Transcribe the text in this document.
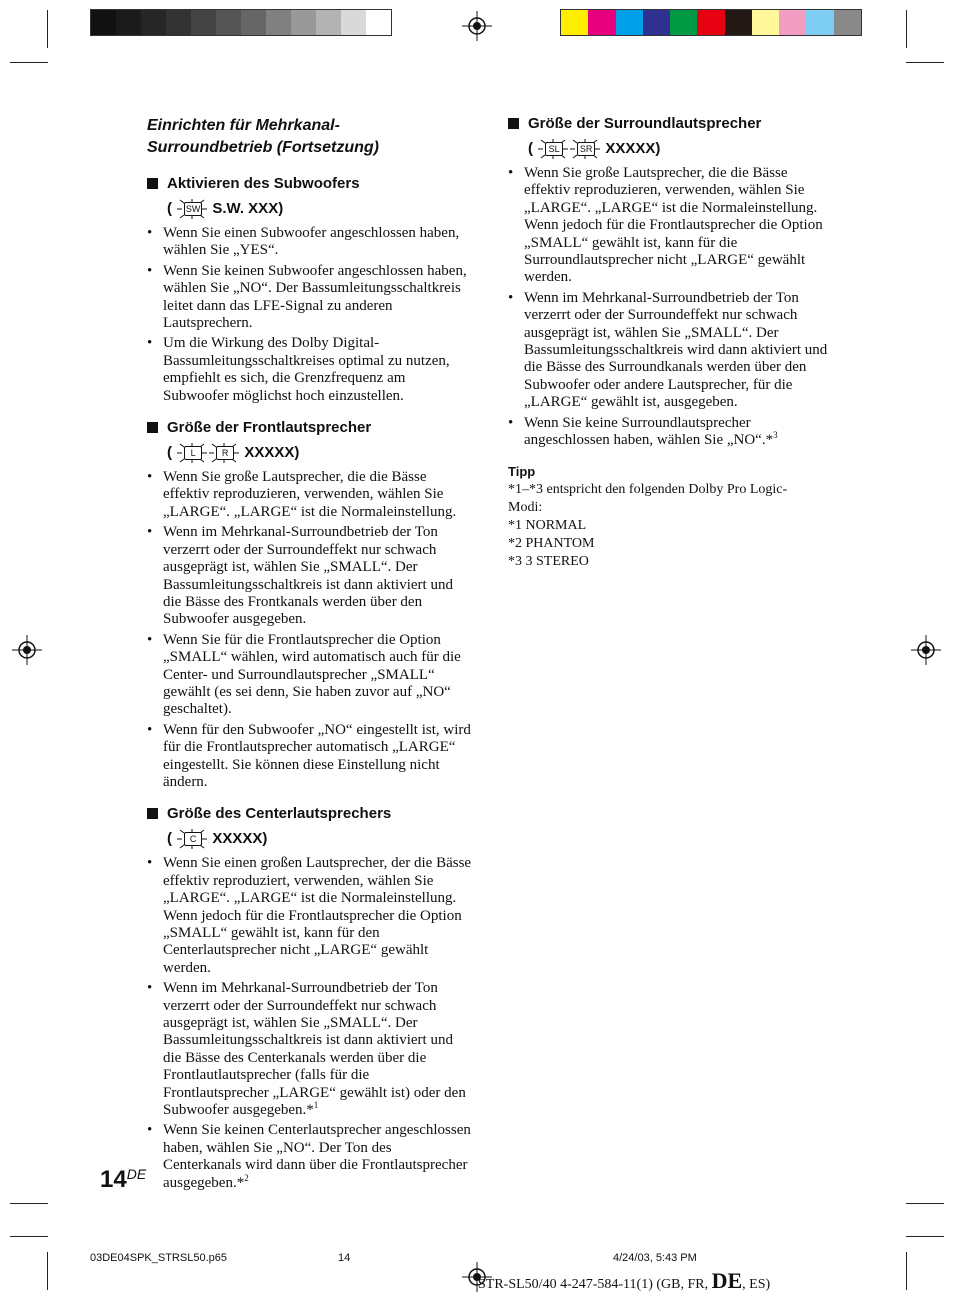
Einrichten für Mehrkanal-
Surroundbetrieb (Fortsetzung)
Aktivieren des Subwoofers
( SW S.W. XXX)
• Wenn Sie einen Subwoofer angeschlossen haben, wählen Sie „YES“.
• Wenn Sie keinen Subwoofer angeschlossen haben, wählen Sie „NO“. Der Bassumleitungsschaltkreis leitet dann das LFE-Signal zu anderen Lautsprechern.
• Um die Wirkung des Dolby Digital-Bassumleitungsschaltkreises optimal zu nutzen, empfiehlt es sich, die Grenzfrequenz am Subwoofer möglichst hoch einzustellen.
Größe der Frontlautsprecher
(	L	R	XXXXX)
• Wenn Sie große Lautsprecher, die die Bässe effektiv reproduzieren, verwenden, wählen Sie „LARGE“. „LARGE“ ist die Normaleinstellung.
• Wenn im Mehrkanal-Surroundbetrieb der Ton verzerrt oder der Surroundeffekt nur schwach ausgeprägt ist, wählen Sie „SMALL“. Der Bassumleitungsschaltkreis ist dann aktiviert und die Bässe des Frontkanals werden über den Subwoofer ausgegeben.
• Wenn Sie für die Frontlautsprecher die Option „SMALL“ wählen, wird automatisch auch für die Center- und Surroundlautsprecher „SMALL“ gewählt (es sei denn, Sie haben zuvor auf „NO“ geschaltet).
• Wenn für den Subwoofer „NO“ eingestellt ist, wird für die Frontlautsprecher automatisch „LARGE“ eingestellt. Sie können diese Einstellung nicht ändern.
Größe des Centerlautsprechers
(	C	XXXXX)
• Wenn Sie einen großen Lautsprecher, der die Bässe effektiv reproduziert, verwenden, wählen Sie „LARGE“. „LARGE“ ist die Normaleinstellung. Wenn jedoch für die Frontlautsprecher die Option „SMALL“ gewählt ist, kann für den Centerlautsprecher nicht „LARGE“ gewählt werden.
• Wenn im Mehrkanal-Surroundbetrieb der Ton verzerrt oder der Surroundeffekt nur schwach ausgeprägt ist, wählen Sie „SMALL“. Der Bassumleitungsschaltkreis ist dann aktiviert und die Bässe des Centerkanals werden über die Frontlautlautsprecher (falls für die Frontlautsprecher „LARGE“ gewählt ist) oder den Subwoofer ausgegeben.*$^1$
• Wenn Sie keinen Centerlautsprecher angeschlossen haben, wählen Sie „NO“. Der Ton des Centerkanals wird dann über die Frontlautsprecher ausgegeben.*$^2$
Größe der Surroundlautsprecher
(	SL	SR XXXXX)
• Wenn Sie große Lautsprecher, die die Bässe effektiv reproduzieren, verwenden, wählen Sie „LARGE“. „LARGE“ ist die Normaleinstellung. Wenn jedoch für die Frontlautsprecher die Option „SMALL“ gewählt ist, kann für die Surroundlautsprecher nicht „LARGE“ gewählt werden.
• Wenn im Mehrkanal-Surroundbetrieb der Ton verzerrt oder der Surroundeffekt nur schwach ausgeprägt ist, wählen Sie „SMALL“. Der Bassumleitungsschaltkreis wird dann aktiviert und die Bässe des Surroundkanals werden über den Subwoofer oder andere Lautsprecher, für die „LARGE“ gewählt ist, ausgegeben.
• Wenn Sie keine Surroundlautsprecher angeschlossen haben, wählen Sie „NO“.*$^3$
Tipp
*1–*3 entspricht den folgenden Dolby Pro Logic-
Modi:
*1 NORMAL
*2 PHANTOM
*3 3 STEREO
14DE
03DE04SPK_STRSL50.p65	14	4/24/03, 5:43 PM
STR-SL50/40 4-247-584-11(1) (GB, FR, DE, ES)
